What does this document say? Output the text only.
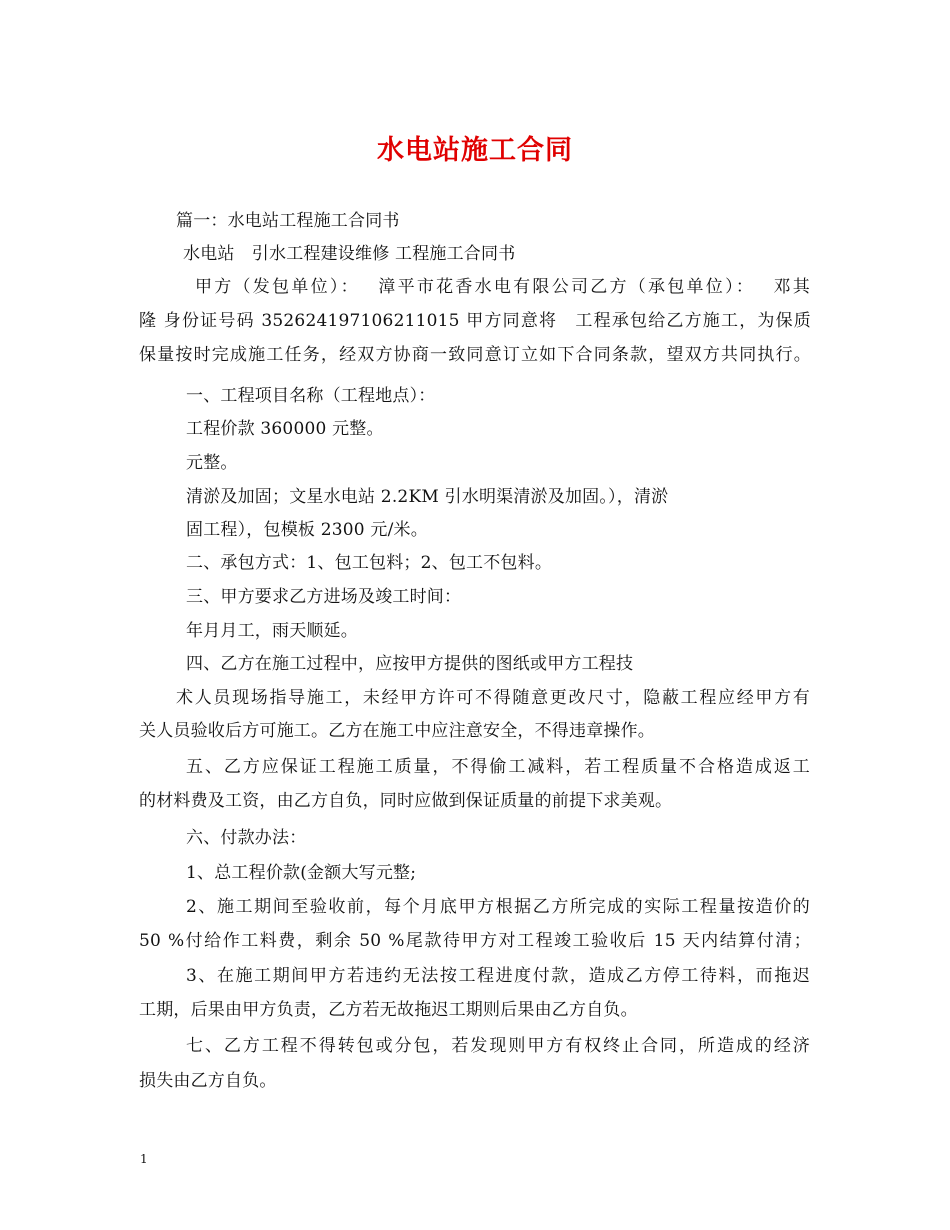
水电站施工合同
篇一：水电站工程施工合同书
水电站　引水工程建设维修 工程施工合同书
甲方（发包单位）：　 漳平市花香水电有限公司乙方（承包单位）：　 邓其
隆 身份证号码 352624197106211015 甲方同意将　工程承包给乙方施工，为保质
保量按时完成施工任务，经双方协商一致同意订立如下合同条款，望双方共同执行。
一、工程项目名称（工程地点）：
工程价款 360000 元整。
元整。
清淤及加固；文星水电站 2.2KM 引水明渠清淤及加固。），清淤
固工程），包模板 2300 元/米。
二、承包方式：1、包工包料；2、包工不包料。
三、甲方要求乙方进场及竣工时间：
年月月工，雨天顺延。
四、乙方在施工过程中，应按甲方提供的图纸或甲方工程技
术人员现场指导施工，未经甲方许可不得随意更改尺寸，隐蔽工程应经甲方有
关人员验收后方可施工。乙方在施工中应注意安全，不得违章操作。
五、乙方应保证工程施工质量，不得偷工减料，若工程质量不合格造成返工
的材料费及工资，由乙方自负，同时应做到保证质量的前提下求美观。
六、付款办法：
1、总工程价款(金额大写元整;
2、施工期间至验收前，每个月底甲方根据乙方所完成的实际工程量按造价的
50 %付给作工料费，剩余 50 %尾款待甲方对工程竣工验收后 15 天内结算付清；
3、在施工期间甲方若违约无法按工程进度付款，造成乙方停工待料，而拖迟
工期，后果由甲方负责，乙方若无故拖迟工期则后果由乙方自负。
七、乙方工程不得转包或分包，若发现则甲方有权终止合同，所造成的经济
损失由乙方自负。
1
